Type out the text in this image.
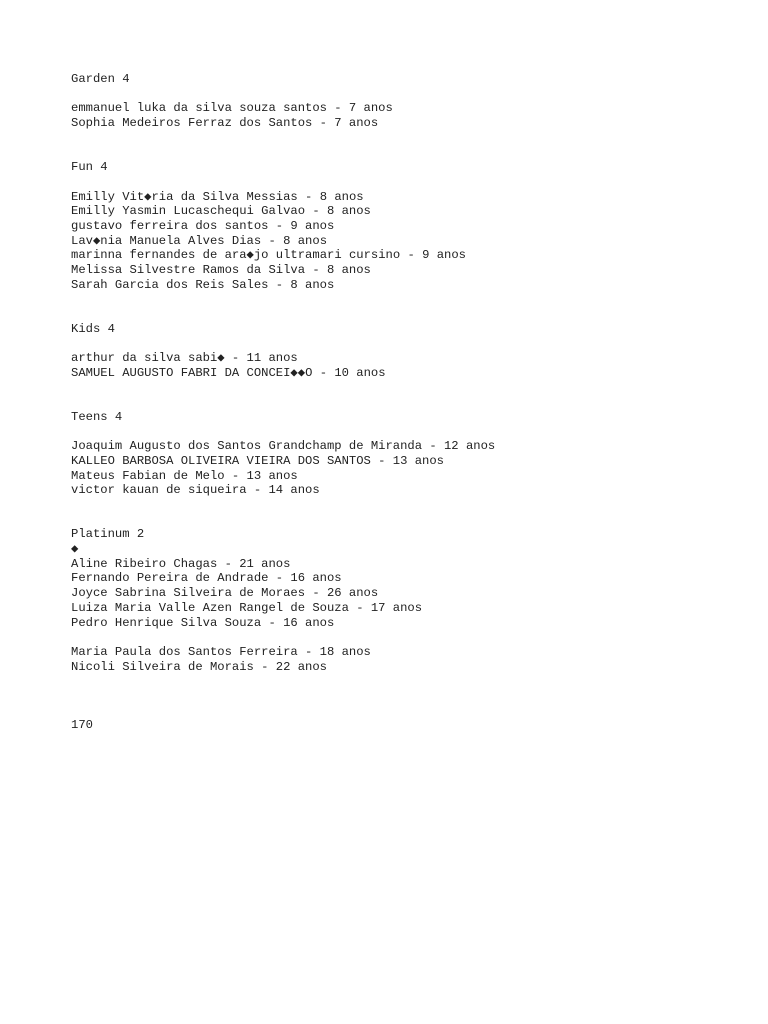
Garden 4
emmanuel luka da silva souza santos - 7 anos
Sophia Medeiros Ferraz dos Santos - 7 anos
Fun 4
Emilly Vit◆ria da Silva Messias - 8 anos
Emilly Yasmin Lucaschequi Galvao - 8 anos
gustavo ferreira dos santos - 9 anos
Lav◆nia Manuela Alves Dias - 8 anos
marinna fernandes de ara◆jo ultramari cursino - 9 anos
Melissa Silvestre Ramos da Silva - 8 anos
Sarah Garcia dos Reis Sales - 8 anos
Kids 4
arthur da silva sabi◆ - 11 anos
SAMUEL AUGUSTO FABRI DA CONCEI◆◆O - 10 anos
Teens 4
Joaquim Augusto dos Santos Grandchamp de Miranda - 12 anos
KALLEO BARBOSA OLIVEIRA VIEIRA DOS SANTOS - 13 anos
Mateus Fabian de Melo - 13 anos
victor kauan de siqueira - 14 anos
Platinum 2
◆
Aline Ribeiro Chagas - 21 anos
Fernando Pereira de Andrade - 16 anos
Joyce Sabrina Silveira de Moraes - 26 anos
Luiza Maria Valle Azen Rangel de Souza - 17 anos
Pedro Henrique Silva Souza - 16 anos
Maria Paula dos Santos Ferreira - 18 anos
Nicoli Silveira de Morais - 22 anos
170
